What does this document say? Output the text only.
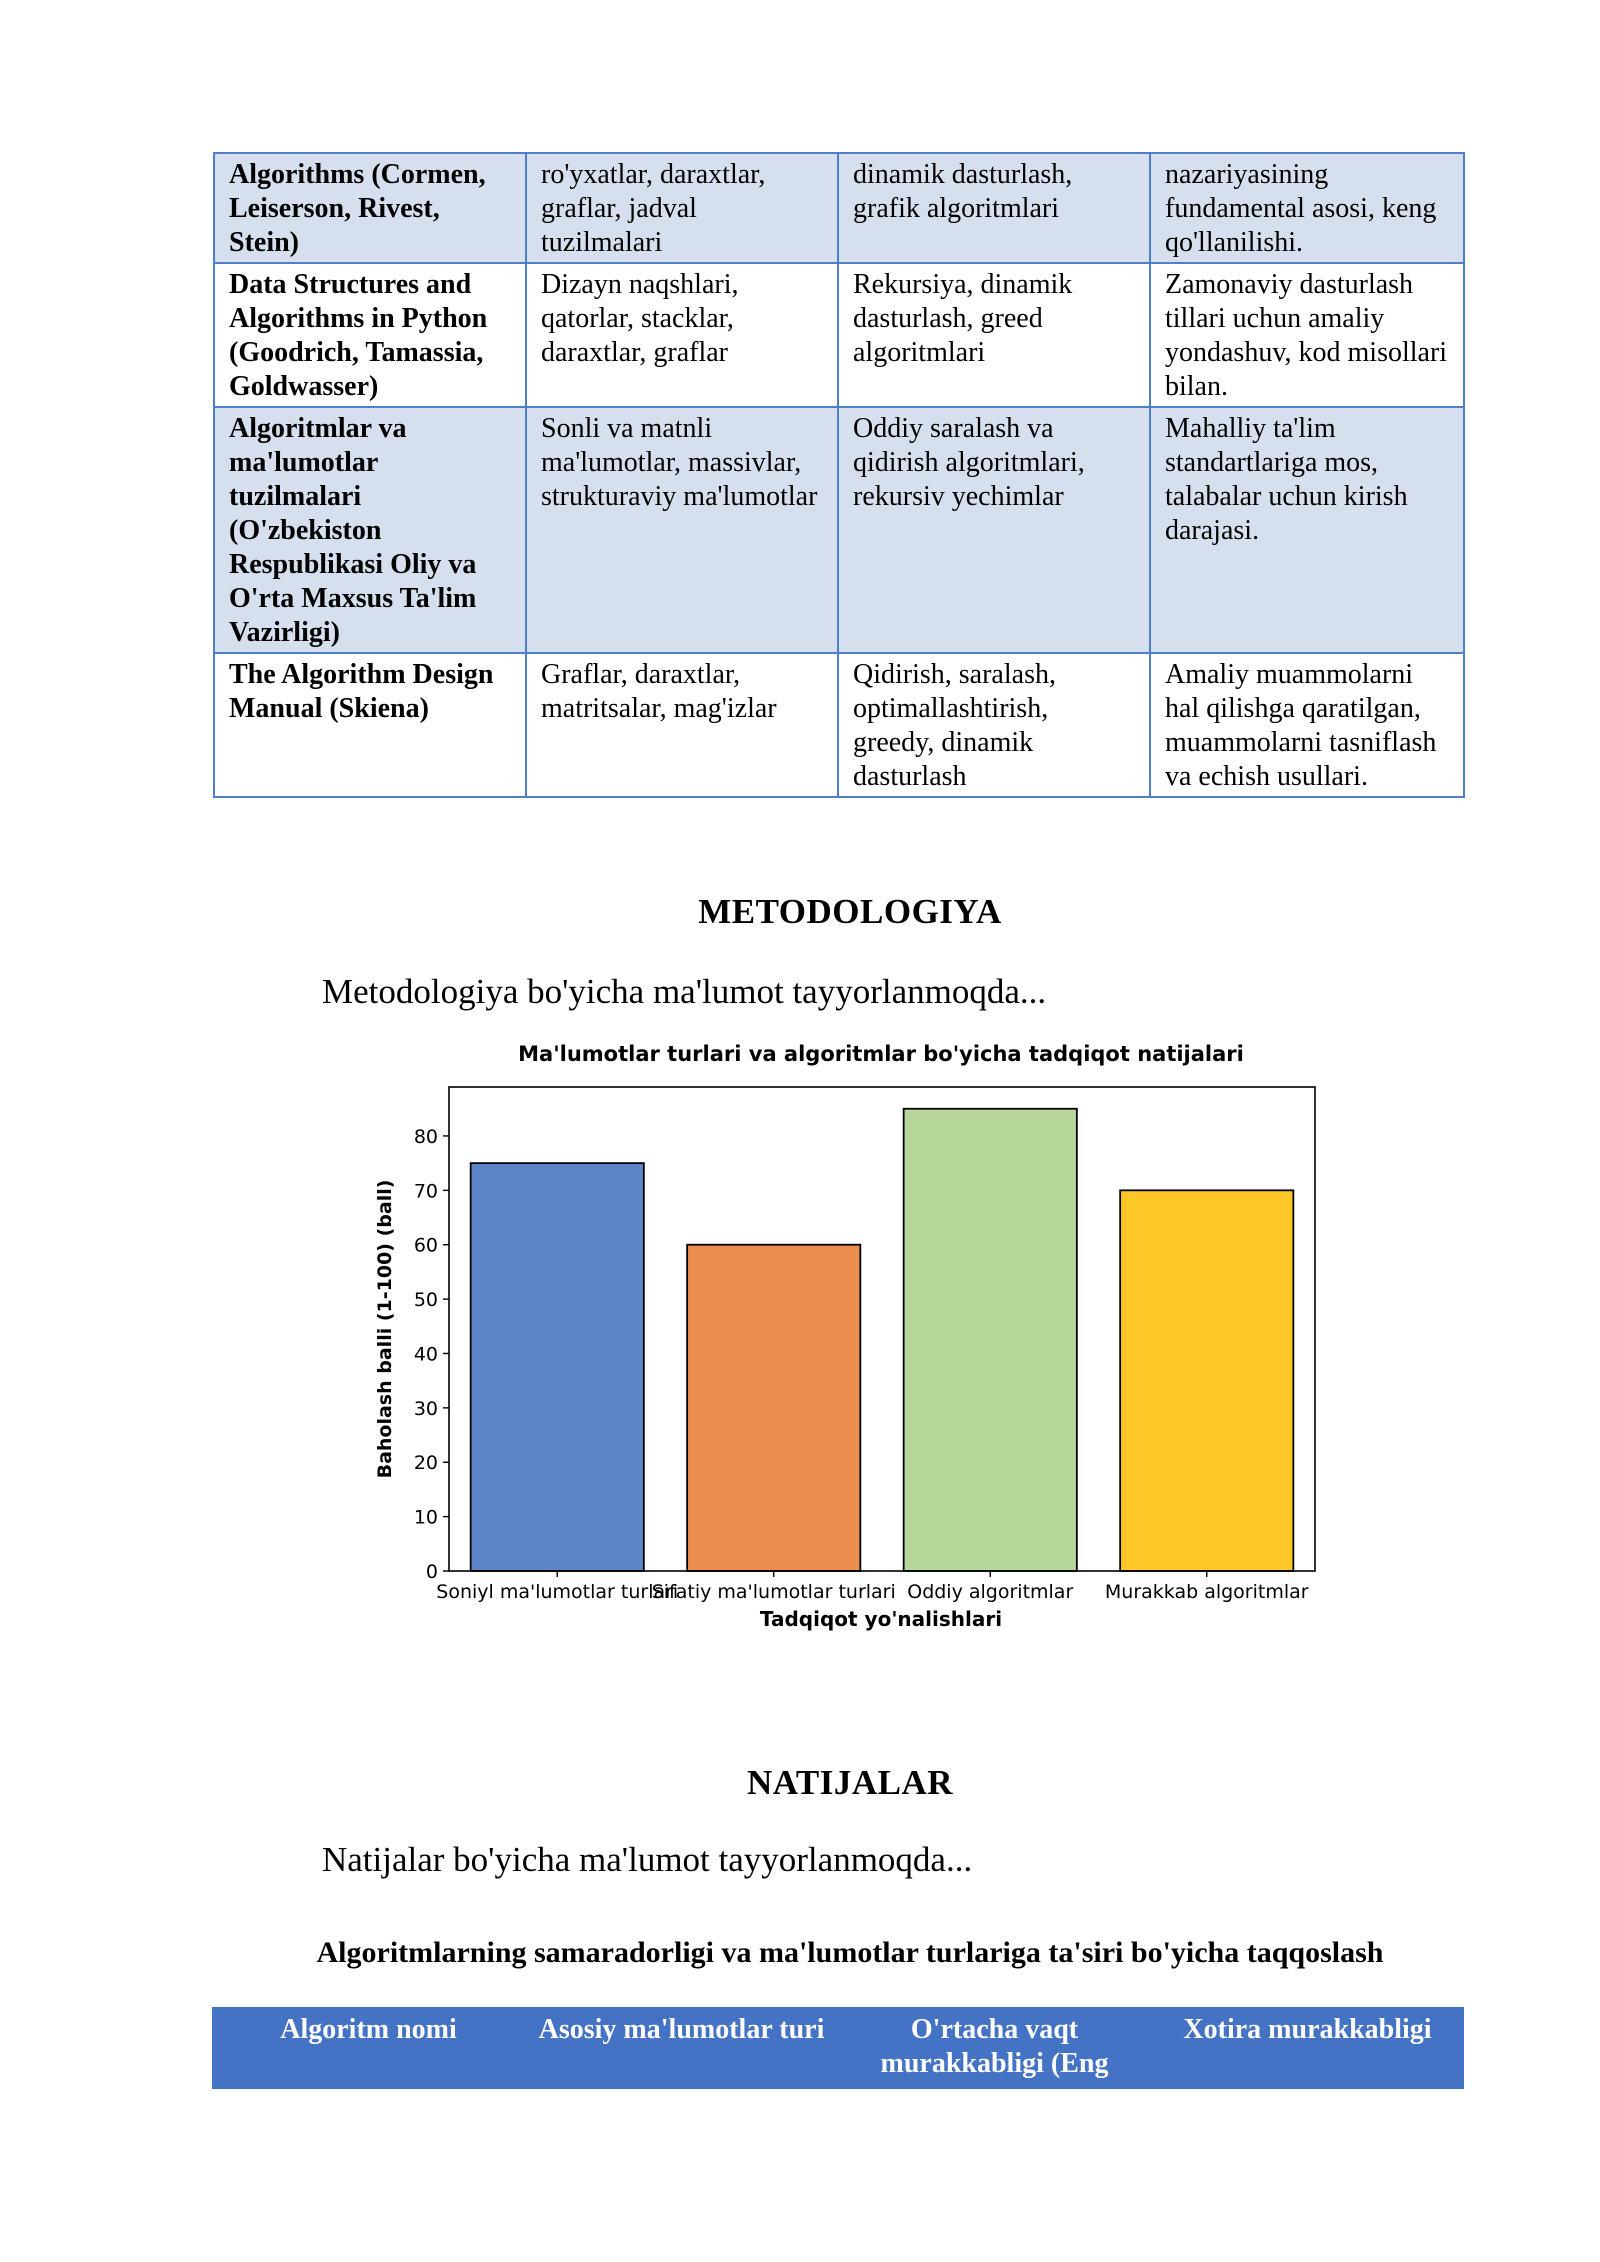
Algorithms (Cormen, Leiserson, Rivest, Stein)	ro'yxatlar, daraxtlar, graflar, jadval tuzilmalari	dinamik dasturlash, grafik algoritmlari	nazariyasining fundamental asosi, keng qo'llanilishi.
Data Structures and Algorithms in Python (Goodrich, Tamassia, Goldwasser)	Dizayn naqshlari, qatorlar, stacklar, daraxtlar, graflar	Rekursiya, dinamik dasturlash, greed algoritmlari	Zamonaviy dasturlash tillari uchun amaliy yondashuv, kod misollari bilan.
Algoritmlar va ma'lumotlar tuzilmalari (O'zbekiston Respublikasi Oliy va O'rta Maxsus Ta'lim Vazirligi)	Sonli va matnli ma'lumotlar, massivlar, strukturaviy ma'lumotlar	Oddiy saralash va qidirish algoritmlari, rekursiv yechimlar	Mahalliy ta'lim standartlariga mos, talabalar uchun kirish darajasi.
The Algorithm Design Manual (Skiena)	Graflar, daraxtlar, matritsalar, mag'izlar	Qidirish, saralash, optimallashtirish, greedy, dinamik dasturlash	Amaliy muammolarni hal qilishga qaratilgan, muammolarni tasniflash va echish usullari.
METODOLOGIYA
Metodologiya bo'yicha ma'lumot tayyorlanmoqda...
Ma'lumotlar turlari va algoritmlar bo'yicha tadqiqot natijalari
0
10
20
30
40
50
60
70
80
Soniyl ma'lumotlar turlari
Sifatiy ma'lumotlar turlari Oddiy algoritmlar Murakkab algoritmlar
Tadqiqot yo'nalishlari
Baholash balli (1-100) (ball)
NATIJALAR
Natijalar bo'yicha ma'lumot tayyorlanmoqda...
Algoritmlarning samaradorligi va ma'lumotlar turlariga ta'siri bo'yicha taqqoslash
Algoritm nomi	Asosiy ma'lumotlar turi	O'rtacha vaqt murakkabligi (Eng	Xotira murakkabligi
